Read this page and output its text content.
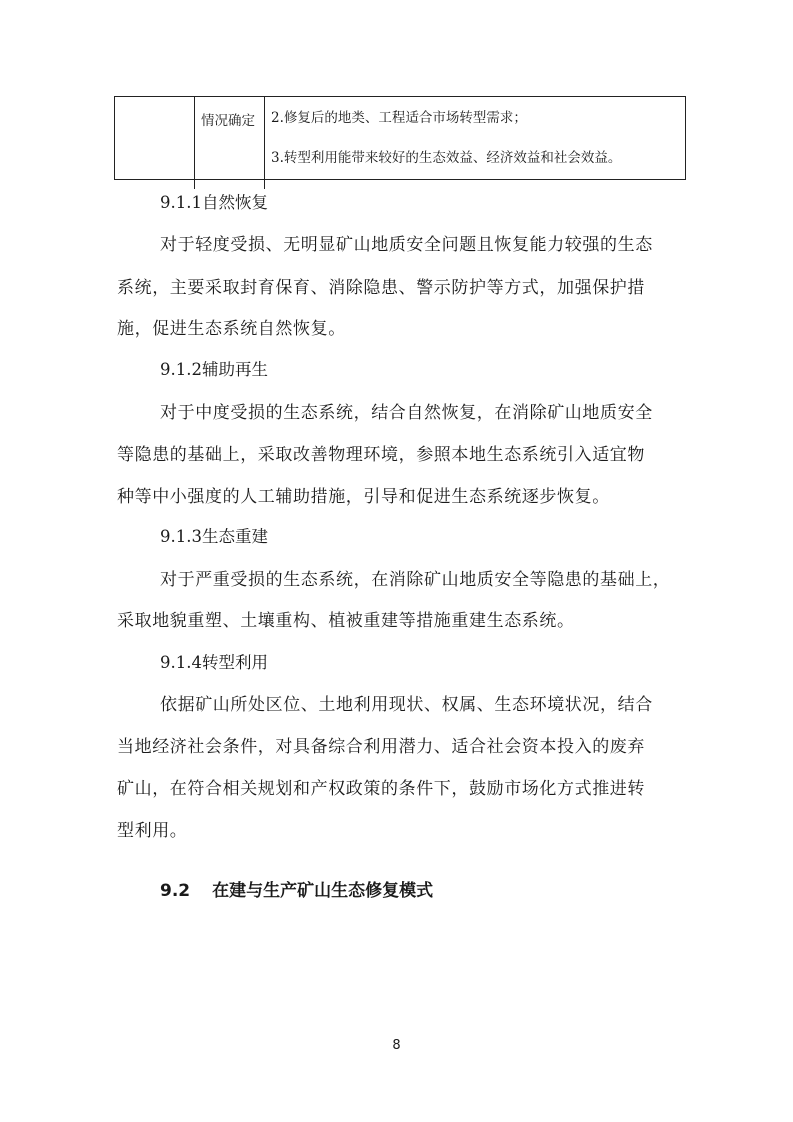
情况确定	2.修复后的地类、工程适合市场转型需求；
3.转型利用能带来较好的生态效益、经济效益和社会效益。
9.1.1自然恢复
对于轻度受损、无明显矿山地质安全问题且恢复能力较强的生态
系统，主要采取封育保育、消除隐患、警示防护等方式，加强保护措
施，促进生态系统自然恢复。
9.1.2辅助再生
对于中度受损的生态系统，结合自然恢复，在消除矿山地质安全
等隐患的基础上，采取改善物理环境，参照本地生态系统引入适宜物
种等中小强度的人工辅助措施，引导和促进生态系统逐步恢复。
9.1.3生态重建
对于严重受损的生态系统，在消除矿山地质安全等隐患的基础上，
采取地貌重塑、土壤重构、植被重建等措施重建生态系统。
9.1.4转型利用
依据矿山所处区位、土地利用现状、权属、生态环境状况，结合
当地经济社会条件，对具备综合利用潜力、适合社会资本投入的废弃
矿山，在符合相关规划和产权政策的条件下，鼓励市场化方式推进转
型利用。
9.2 在建与生产矿山生态修复模式
8
